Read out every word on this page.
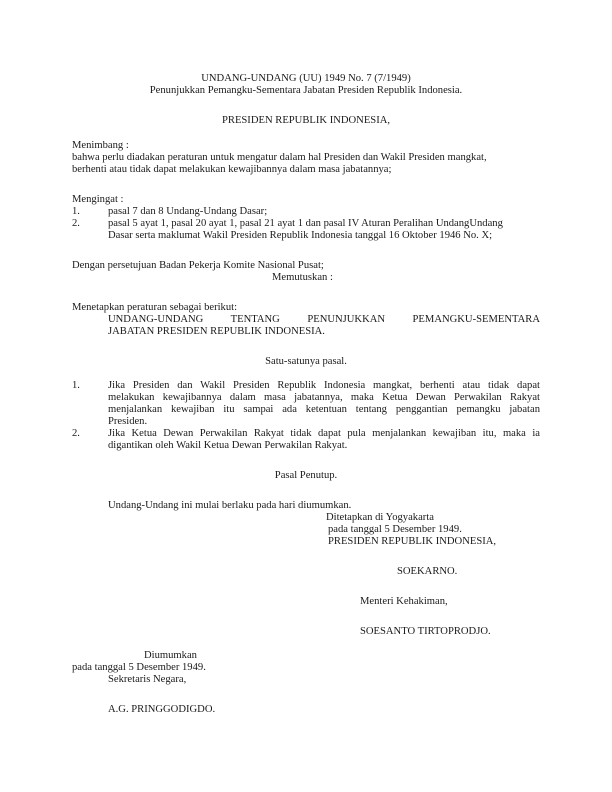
UNDANG-UNDANG (UU) 1949 No. 7 (7/1949)
Penunjukkan Pemangku-Sementara Jabatan Presiden Republik Indonesia.
PRESIDEN REPUBLIK INDONESIA,
Menimbang :
bahwa perlu diadakan peraturan untuk mengatur dalam hal Presiden dan Wakil Presiden mangkat,
berhenti atau tidak dapat melakukan kewajibannya dalam masa jabatannya;
Mengingat :
1.	pasal 7 dan 8 Undang-Undang Dasar;
2.	pasal 5 ayat 1, pasal 20 ayat 1, pasal 21 ayat 1 dan pasal IV Aturan Peralihan UndangUndang
Dasar serta maklumat Wakil Presiden Republik Indonesia tanggal 16 Oktober 1946 No. X;
Dengan persetujuan Badan Pekerja Komite Nasional Pusat;
Memutuskan :
Menetapkan peraturan sebagai berikut:
UNDANG-UNDANG TENTANG PENUNJUKKAN PEMANGKU-SEMENTARA
JABATAN PRESIDEN REPUBLIK INDONESIA.
Satu-satunya pasal.
1.	Jika Presiden dan Wakil Presiden Republik Indonesia mangkat, berhenti atau tidak dapat
melakukan kewajibannya dalam masa jabatannya, maka Ketua Dewan Perwakilan Rakyat
menjalankan kewajiban itu sampai ada ketentuan tentang penggantian pemangku jabatan
Presiden.
2.	Jika Ketua Dewan Perwakilan Rakyat tidak dapat pula menjalankan kewajiban itu, maka ia
digantikan oleh Wakil Ketua Dewan Perwakilan Rakyat.
Pasal Penutup.
Undang-Undang ini mulai berlaku pada hari diumumkan.
Ditetapkan di Yogyakarta
pada tanggal 5 Desember 1949.
PRESIDEN REPUBLIK INDONESIA,
SOEKARNO.
Menteri Kehakiman,
SOESANTO TIRTOPRODJO.
Diumumkan
pada tanggal 5 Desember 1949.
Sekretaris Negara,
A.G. PRINGGODIGDO.
